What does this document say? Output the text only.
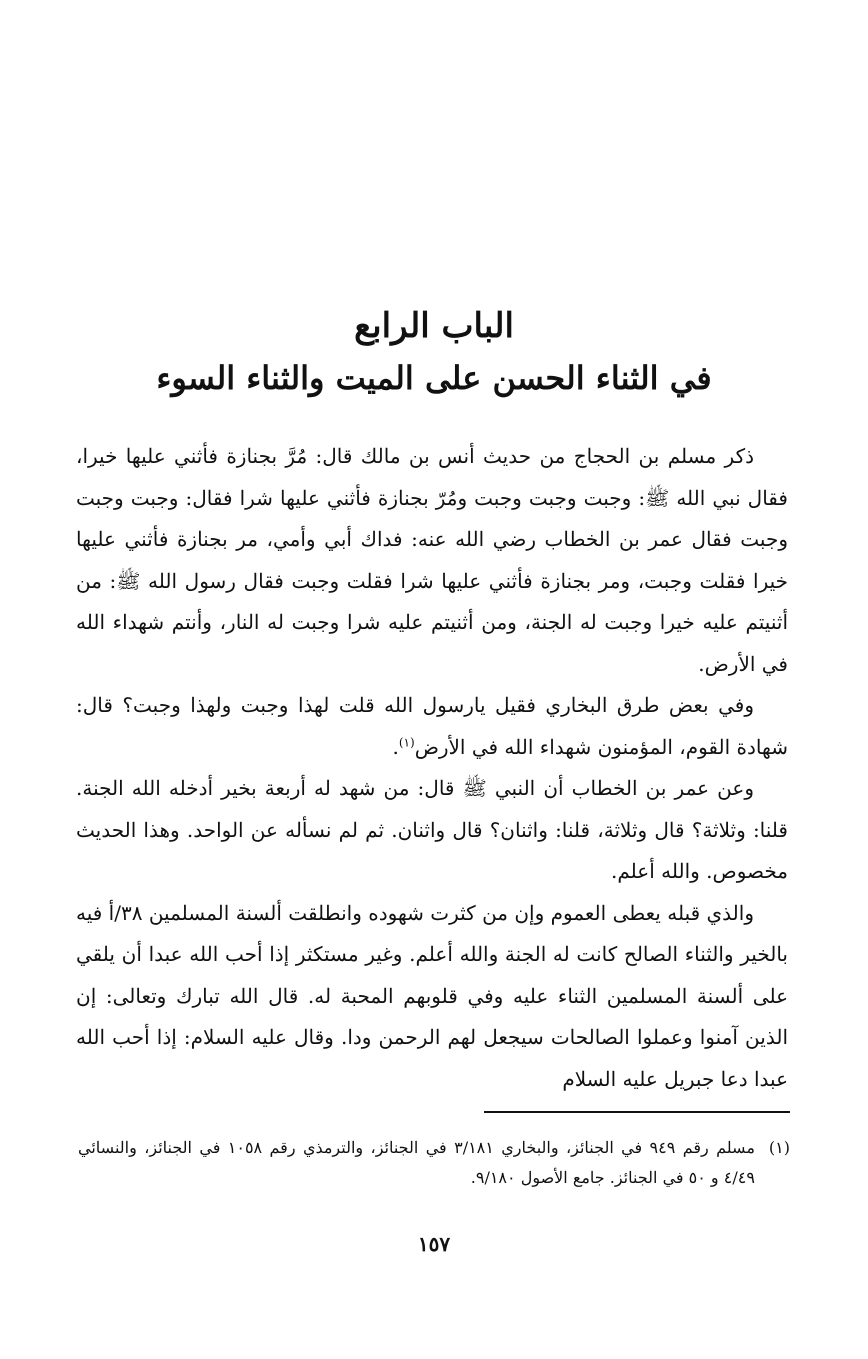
الباب الرابع
في الثناء الحسن على الميت والثناء السوء

ذكر مسلم بن الحجاج من حديث أنس بن مالك قال: مُرَّ بجنازة فأثني عليها خيرا، فقال نبي الله ﷺ: وجبت وجبت وجبت ومُرّ بجنازة فأثني عليها شرا فقال: وجبت وجبت وجبت فقال عمر بن الخطاب رضي الله عنه: فداك أبي وأمي، مر بجنازة فأثني عليها خيرا فقلت وجبت، ومر بجنازة فأثني عليها شرا فقلت وجبت فقال رسول الله ﷺ: من أثنيتم عليه خيرا وجبت له الجنة، ومن أثنيتم عليه شرا وجبت له النار، وأنتم شهداء الله في الأرض.

وفي بعض طرق البخاري فقيل يارسول الله قلت لهذا وجبت ولهذا وجبت؟ قال: شهادة القوم، المؤمنون شهداء الله في الأرض$^{(١)}$.

وعن عمر بن الخطاب أن النبي ﷺ قال: من شهد له أربعة بخير أدخله الله الجنة. قلنا: وثلاثة؟ قال وثلاثة، قلنا: واثنان؟ قال واثنان. ثم لم نسأله عن الواحد. وهذا الحديث مخصوص. والله أعلم.

والذي قبله يعطى العموم وإن من كثرت شهوده وانطلقت ألسنة المسلمين ٣٨/أ فيه بالخير والثناء الصالح كانت له الجنة والله أعلم. وغير مستكثر إذا أحب الله عبدا أن يلقي على ألسنة المسلمين الثناء عليه وفي قلوبهم المحبة له. قال الله تبارك وتعالى: إن الذين آمنوا وعملوا الصالحات سيجعل لهم الرحمن ودا. وقال عليه السلام: إذا أحب الله عبدا دعا جبريل عليه السلام

(١)
مسلم رقم ٩٤٩ في الجنائز، والبخاري ٣/١٨١ في الجنائز، والترمذي رقم ١٠٥٨ في الجنائز، والنسائي ٤/٤٩ و ٥٠ في الجنائز. جامع الأصول ٩/١٨٠.
١٥٧
